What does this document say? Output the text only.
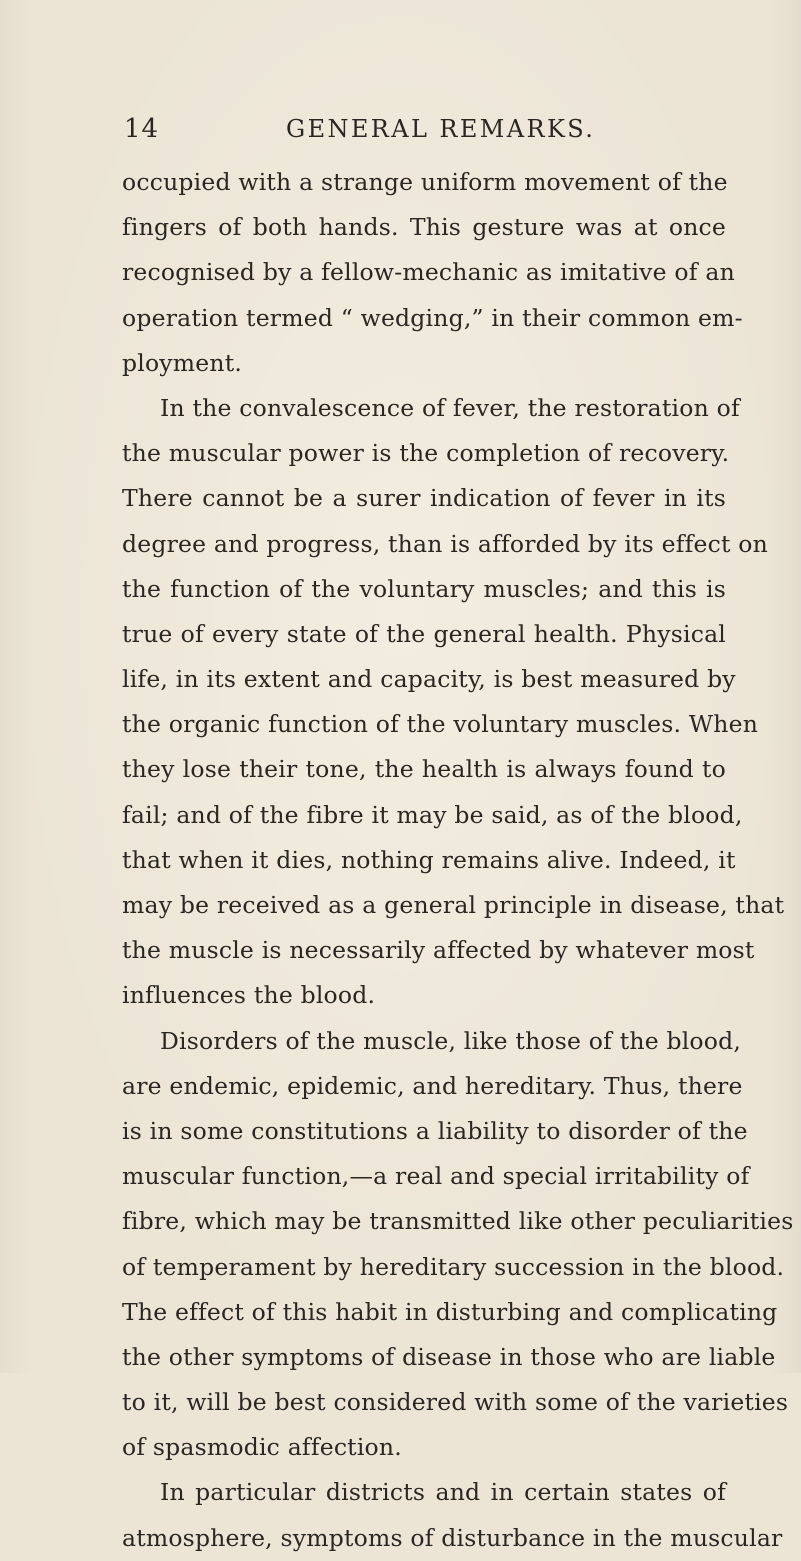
14	GENERAL REMARKS.
occupied with a strange uniform movement of the
fingers of both hands. This gesture was at once
recognised by a fellow-mechanic as imitative of an
operation termed “ wedging,” in their common em-
ployment.
In the convalescence of fever, the restoration of
the muscular power is the completion of recovery.
There cannot be a surer indication of fever in its
degree and progress, than is afforded by its effect on
the function of the voluntary muscles; and this is
true of every state of the general health. Physical
life, in its extent and capacity, is best measured by
the organic function of the voluntary muscles. When
they lose their tone, the health is always found to
fail; and of the fibre it may be said, as of the blood,
that when it dies, nothing remains alive. Indeed, it
may be received as a general principle in disease, that
the muscle is necessarily affected by whatever most
influences the blood.
Disorders of the muscle, like those of the blood,
are endemic, epidemic, and hereditary. Thus, there
is in some constitutions a liability to disorder of the
muscular function,—a real and special irritability of
fibre, which may be transmitted like other peculiarities
of temperament by hereditary succession in the blood.
The effect of this habit in disturbing and complicating
the other symptoms of disease in those who are liable
to it, will be best considered with some of the varieties
of spasmodic affection.
In particular districts and in certain states of
atmosphere, symptoms of disturbance in the muscular
